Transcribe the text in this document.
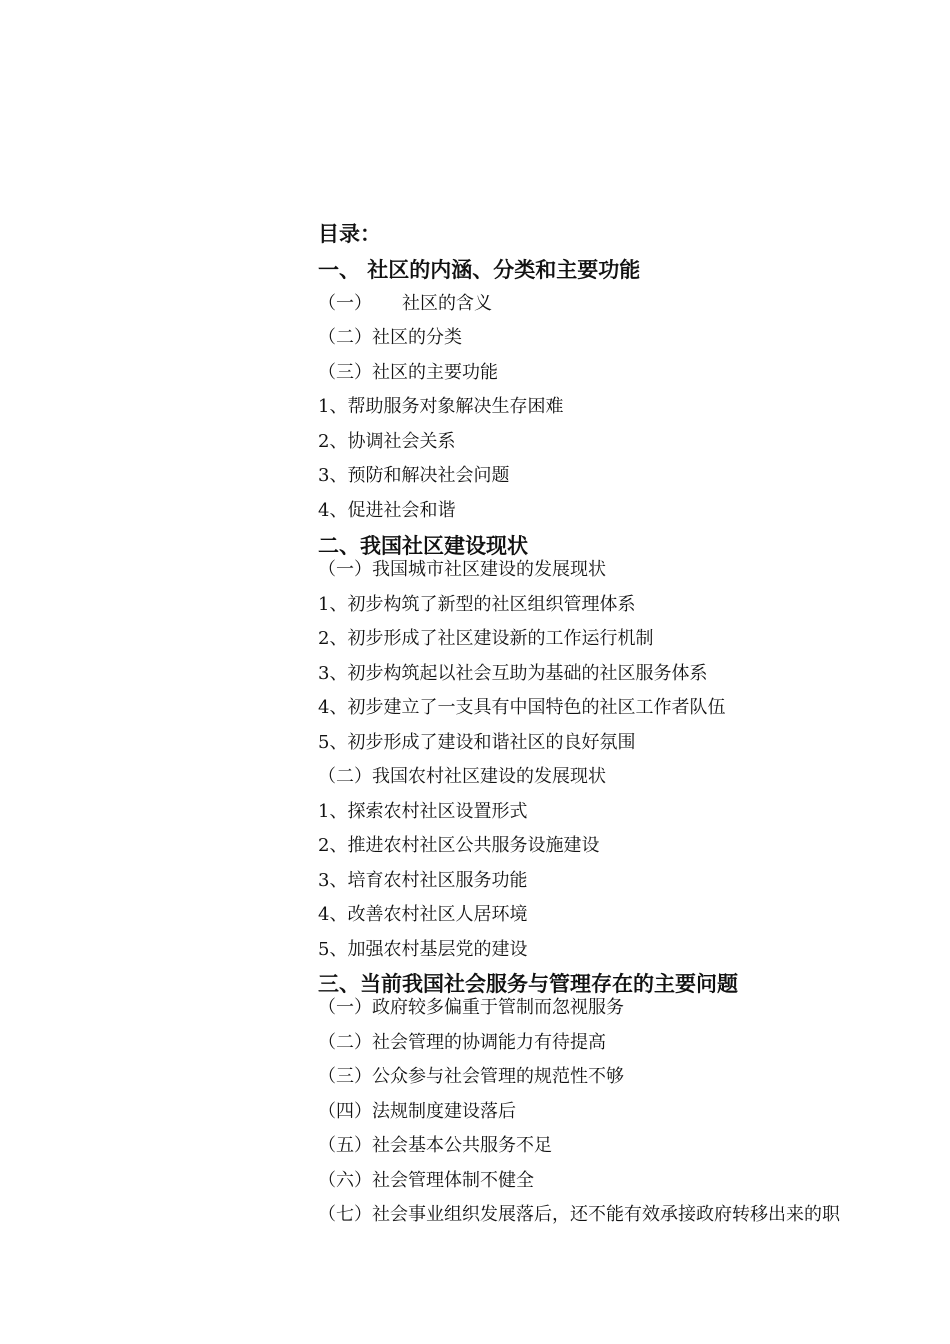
目录：
一、 社区的内涵、分类和主要功能
（一） 社区的含义
（二）社区的分类
（三）社区的主要功能
1、帮助服务对象解决生存困难
2、协调社会关系
3、预防和解决社会问题
4、促进社会和谐
二、我国社区建设现状
（一）我国城市社区建设的发展现状
1、初步构筑了新型的社区组织管理体系
2、初步形成了社区建设新的工作运行机制
3、初步构筑起以社会互助为基础的社区服务体系
4、初步建立了一支具有中国特色的社区工作者队伍
5、初步形成了建设和谐社区的良好氛围
（二）我国农村社区建设的发展现状
1、探索农村社区设置形式
2、推进农村社区公共服务设施建设
3、培育农村社区服务功能
4、改善农村社区人居环境
5、加强农村基层党的建设
三、当前我国社会服务与管理存在的主要问题
（一）政府较多偏重于管制而忽视服务
（二）社会管理的协调能力有待提高
（三）公众参与社会管理的规范性不够
（四）法规制度建设落后
（五）社会基本公共服务不足
（六）社会管理体制不健全
（七）社会事业组织发展落后，还不能有效承接政府转移出来的职
